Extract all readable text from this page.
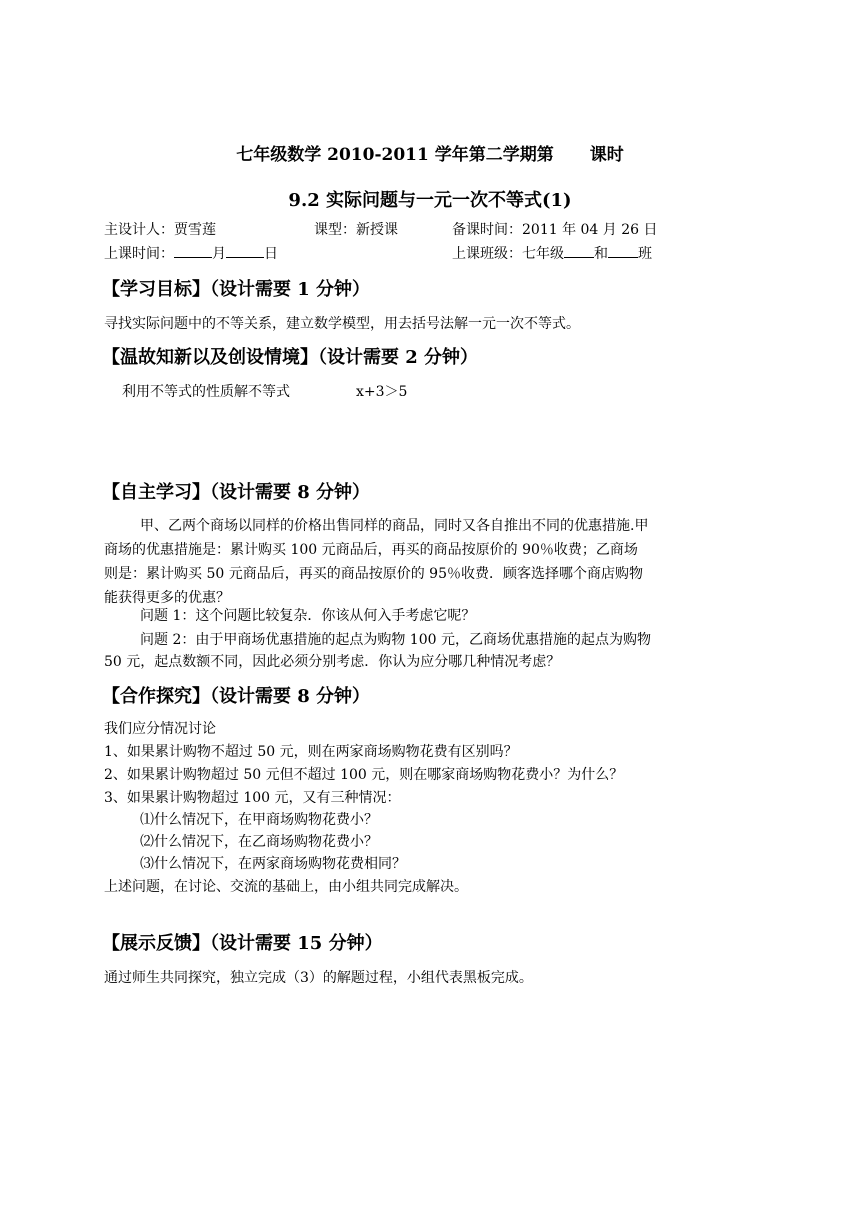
七年级数学 2010-2011 学年第二学期第 课时
9.2 实际问题与一元一次不等式(1)
主设计人：贾雪莲	课型：新授课	备课时间：2011 年 04 月 26 日
上课时间：	月	日	上课班级：七年级 和 班
【学习目标】（设计需要 1 分钟）
寻找实际问题中的不等关系，建立数学模型，用去括号法解一元一次不等式。
【温故知新以及创设情境】（设计需要 2 分钟）
利用不等式的性质解不等式	x+3＞5
【自主学习】（设计需要 8 分钟）
甲、乙两个商场以同样的价格出售同样的商品，同时又各自推出不同的优惠措施.甲
商场的优惠措施是：累计购买 100 元商品后，再买的商品按原价的 90％收费；乙商场
则是：累计购买 50 元商品后，再买的商品按原价的 95％收费．顾客选择哪个商店购物
能获得更多的优惠？
问题 1：这个问题比较复杂．你该从何入手考虑它呢？
问题 2：由于甲商场优惠措施的起点为购物 100 元，乙商场优惠措施的起点为购物
50 元，起点数额不同，因此必须分别考虑．你认为应分哪几种情况考虑？
【合作探究】（设计需要 8 分钟）
我们应分情况讨论
1、如果累计购物不超过 50 元，则在两家商场购物花费有区别吗？
2、如果累计购物超过 50 元但不超过 100 元，则在哪家商场购物花费小？为什么？
3、如果累计购物超过 100 元，又有三种情况：
⑴什么情况下，在甲商场购物花费小？
⑵什么情况下，在乙商场购物花费小？
⑶什么情况下，在两家商场购物花费相同？
上述问题，在讨论、交流的基础上，由小组共同完成解决。
【展示反馈】（设计需要 15 分钟）
通过师生共同探究，独立完成（3）的解题过程，小组代表黑板完成。
